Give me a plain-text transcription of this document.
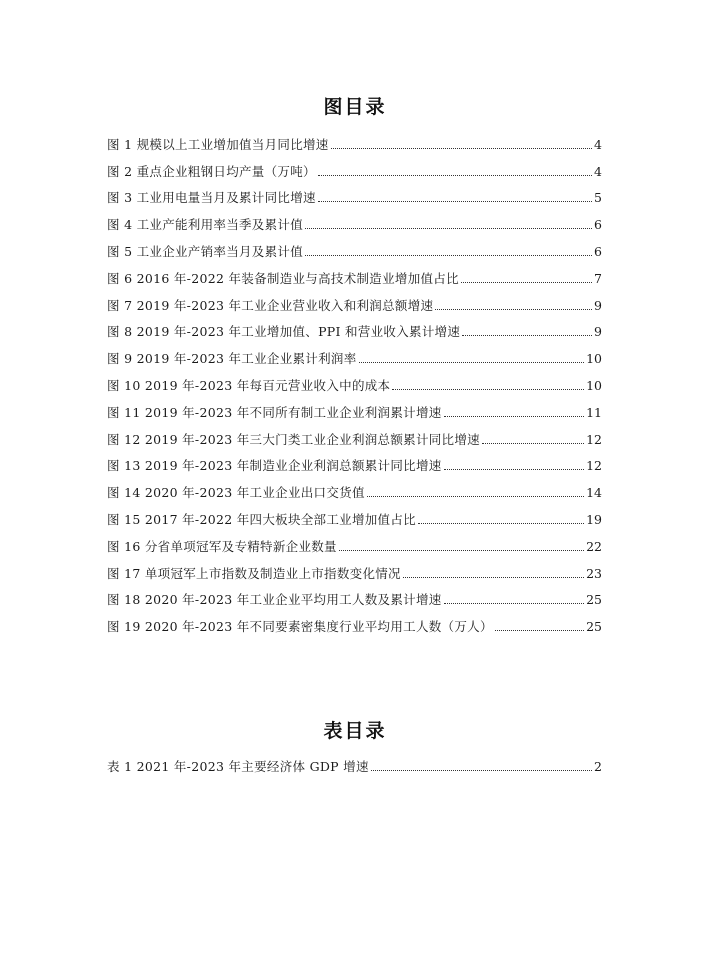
图目录
图 1 规模以上工业增加值当月同比增速	4
图 2 重点企业粗钢日均产量（万吨）	4
图 3 工业用电量当月及累计同比增速	5
图 4 工业产能利用率当季及累计值	6
图 5 工业企业产销率当月及累计值	6
图 6 2016 年-2022 年装备制造业与高技术制造业增加值占比	7
图 7 2019 年-2023 年工业企业营业收入和利润总额增速	9
图 8 2019 年-2023 年工业增加值、PPI 和营业收入累计增速	9
图 9 2019 年-2023 年工业企业累计利润率	10
图 10 2019 年-2023 年每百元营业收入中的成本	10
图 11 2019 年-2023 年不同所有制工业企业利润累计增速	11
图 12 2019 年-2023 年三大门类工业企业利润总额累计同比增速	12
图 13 2019 年-2023 年制造业企业利润总额累计同比增速	12
图 14 2020 年-2023 年工业企业出口交货值	14
图 15 2017 年-2022 年四大板块全部工业增加值占比	19
图 16 分省单项冠军及专精特新企业数量	22
图 17 单项冠军上市指数及制造业上市指数变化情况	23
图 18 2020 年-2023 年工业企业平均用工人数及累计增速	25
图 19 2020 年-2023 年不同要素密集度行业平均用工人数（万人）	25
表目录
表 1 2021 年-2023 年主要经济体 GDP 增速	2
